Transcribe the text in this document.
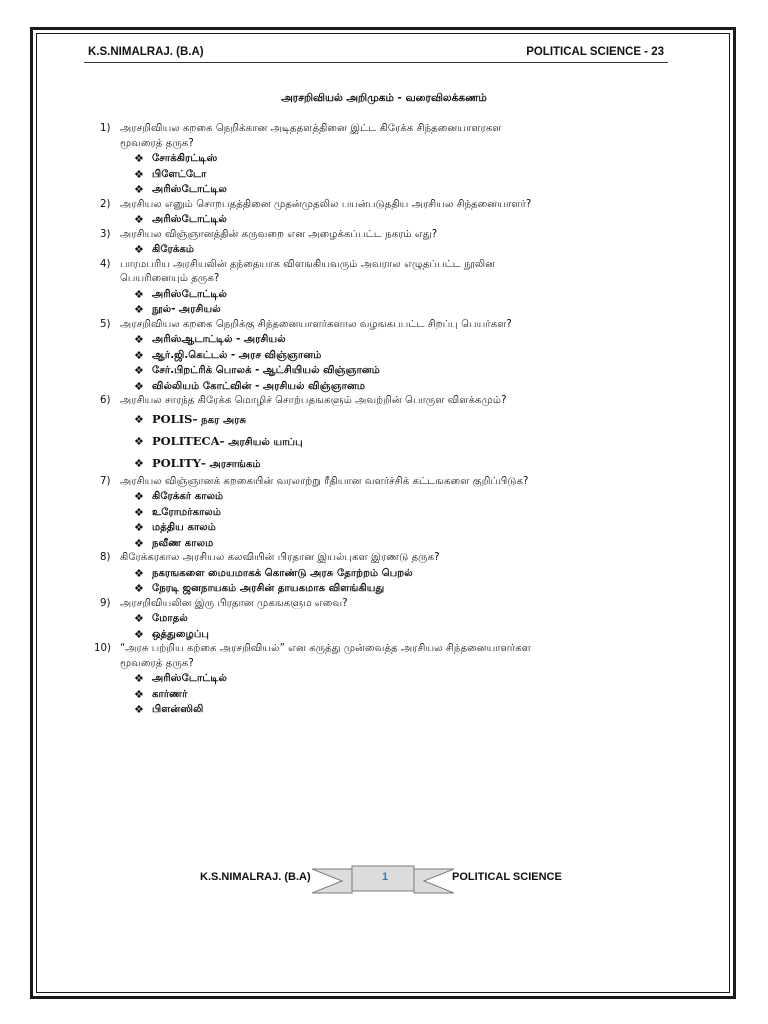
K.S.NIMALRAJ. (B.A)	POLITICAL SCIENCE - 23
அரசறிவியல் அறிமுகம் - வரைவிலக்கணம்
1) அரசறிவியல கறகை நெறிக்கான அடிததளத்தினை இட்ட கிரேக்க சிந்தனையாளரகள
மூவரைத் தருக?
❖ சோக்கிரட்டிஸ்
❖ பிளேட்டோ
❖ அரிஸ்டோட்டில
2) அரசியல எனும் சொறபதத்தினை முதன்முதலில பயன்படுததிய அரசியல சிந்தனையாளர்?
❖ அரிஸ்டோட்டில்
3) அரசியல விஞ்ஞானத்தின் கருவறை என அழைக்கப்பட்ட நகரம் எது?
❖ கிரேக்கம்
4) பாரமபரிய அரசியலின் தந்தையாக விளஙகியவரும் அவரால எழுதப்பட்ட நூலின
பெயரினையும் தருக?
❖ அரிஸ்டோட்டில்
❖ நூல்- அரசியல்
5) அரசறிவியல கறகை நெறிக்கு சிந்தனையாளர்களால வழஙகபபட்ட சிறப்பு பெயர்கள?
❖ அரிஸ்ஆடாட்டில் - அரசியல்
❖ ஆர்.ஜி.கெட்டல் - அரச விஞ்ஞானம்
❖ சேர்.பிறட்ரிக் பொலக் - ஆட்சியியல் விஞ்ஞானம்
❖ வில்லியம் கோட்வின் - அரசியல் விஞ்ஞானம
6) அரசியல சாரந்த கிரேக்க மொழிச் சொற்பதஙகளும் அவற்றின் பொருள விளக்கமும்?
❖ POLIS– நகர அரசு
❖ POLITECA– அரசியல் யாப்பு
❖ POLITY– அரசாங்கம்
7) அரசியல விஞ்ஞானக் கறகையின் வரலாற்று ரீதியான வளர்ச்சிக் கட்டஙகளை குறிப்பிடுக?
❖ கிரேக்கர் காலம்
❖ உரோமர்காலம்
❖ மத்திய காலம்
❖ நவீண காலம
8) கிரேக்கரகால அரசியல கலவியின் பிரதான இயல்புகள இரணடு தருக?
❖ நகரஙகளை மையமாகக் கொண்டு அரசு தோற்றம் பெறல்
❖ நேரடி ஜனநாயகம் அரசின் தாயகமாக விளங்கியது
9) அரசறிவியலின இரு பிரதான முகஙகளும எவை?
❖ மோதல்
❖ ஒத்துழைப்பு
10) “அரசு பற்றிய கற்கை அரசறிவியல்” என கருத்து முன்வைத்த அரசியல சிந்தனையாளர்கள
மூவரைத் தருக?
❖ அரிஸ்டோட்டில்
❖ கார்ணர்
❖ பிளன்ஸிலி
K.S.NIMALRAJ. (B.A)	1	POLITICAL SCIENCE
